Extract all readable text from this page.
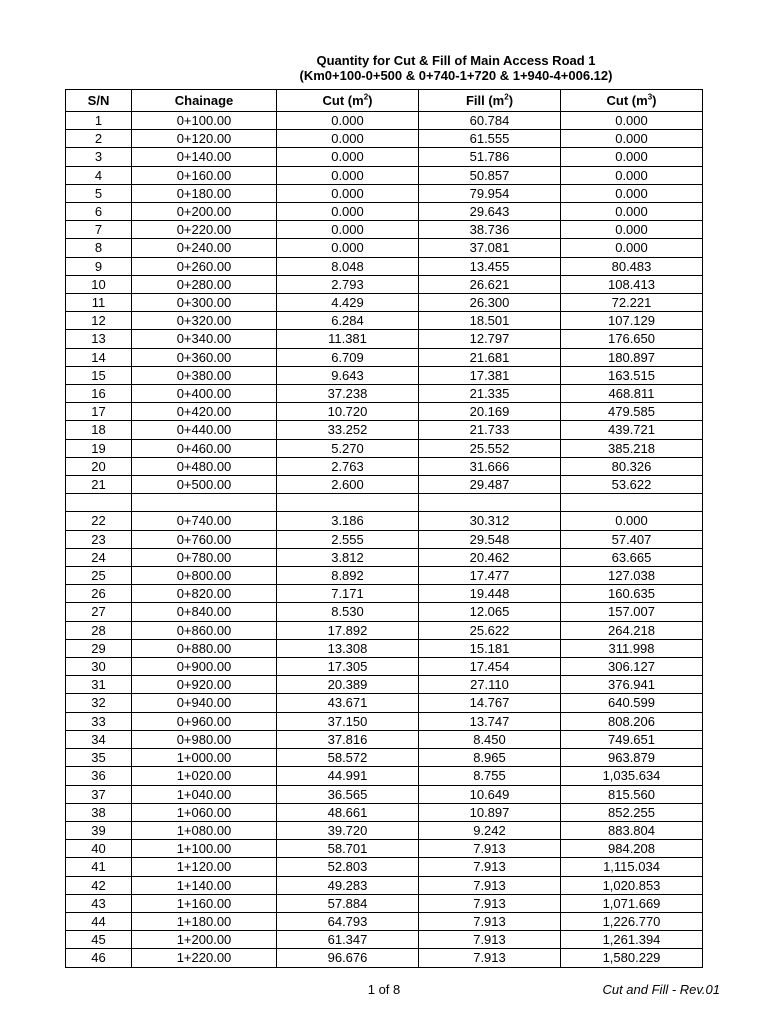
Quantity for Cut & Fill of Main Access Road 1
(Km0+100-0+500 & 0+740-1+720 & 1+940-4+006.12)
S/N	Chainage	Cut $(m^2)$	Fill $(m^2)$	Cut $(m^3)$
1	0+100.00	0.000	60.784	0.000
2	0+120.00	0.000	61.555	0.000
3	0+140.00	0.000	51.786	0.000
4	0+160.00	0.000	50.857	0.000
5	0+180.00	0.000	79.954	0.000
6	0+200.00	0.000	29.643	0.000
7	0+220.00	0.000	38.736	0.000
8	0+240.00	0.000	37.081	0.000
9	0+260.00	8.048	13.455	80.483
10	0+280.00	2.793	26.621	108.413
11	0+300.00	4.429	26.300	72.221
12	0+320.00	6.284	18.501	107.129
13	0+340.00	11.381	12.797	176.650
14	0+360.00	6.709	21.681	180.897
15	0+380.00	9.643	17.381	163.515
16	0+400.00	37.238	21.335	468.811
17	0+420.00	10.720	20.169	479.585
18	0+440.00	33.252	21.733	439.721
19	0+460.00	5.270	25.552	385.218
20	0+480.00	2.763	31.666	80.326
21	0+500.00	2.600	29.487	53.622

22	0+740.00	3.186	30.312	0.000
23	0+760.00	2.555	29.548	57.407
24	0+780.00	3.812	20.462	63.665
25	0+800.00	8.892	17.477	127.038
26	0+820.00	7.171	19.448	160.635
27	0+840.00	8.530	12.065	157.007
28	0+860.00	17.892	25.622	264.218
29	0+880.00	13.308	15.181	311.998
30	0+900.00	17.305	17.454	306.127
31	0+920.00	20.389	27.110	376.941
32	0+940.00	43.671	14.767	640.599
33	0+960.00	37.150	13.747	808.206
34	0+980.00	37.816	8.450	749.651
35	1+000.00	58.572	8.965	963.879
36	1+020.00	44.991	8.755	1,035.634
37	1+040.00	36.565	10.649	815.560
38	1+060.00	48.661	10.897	852.255
39	1+080.00	39.720	9.242	883.804
40	1+100.00	58.701	7.913	984.208
41	1+120.00	52.803	7.913	1,115.034
42	1+140.00	49.283	7.913	1,020.853
43	1+160.00	57.884	7.913	1,071.669
44	1+180.00	64.793	7.913	1,226.770
45	1+200.00	61.347	7.913	1,261.394
46	1+220.00	96.676	7.913	1,580.229
1 of 8	Cut and Fill - Rev.01
